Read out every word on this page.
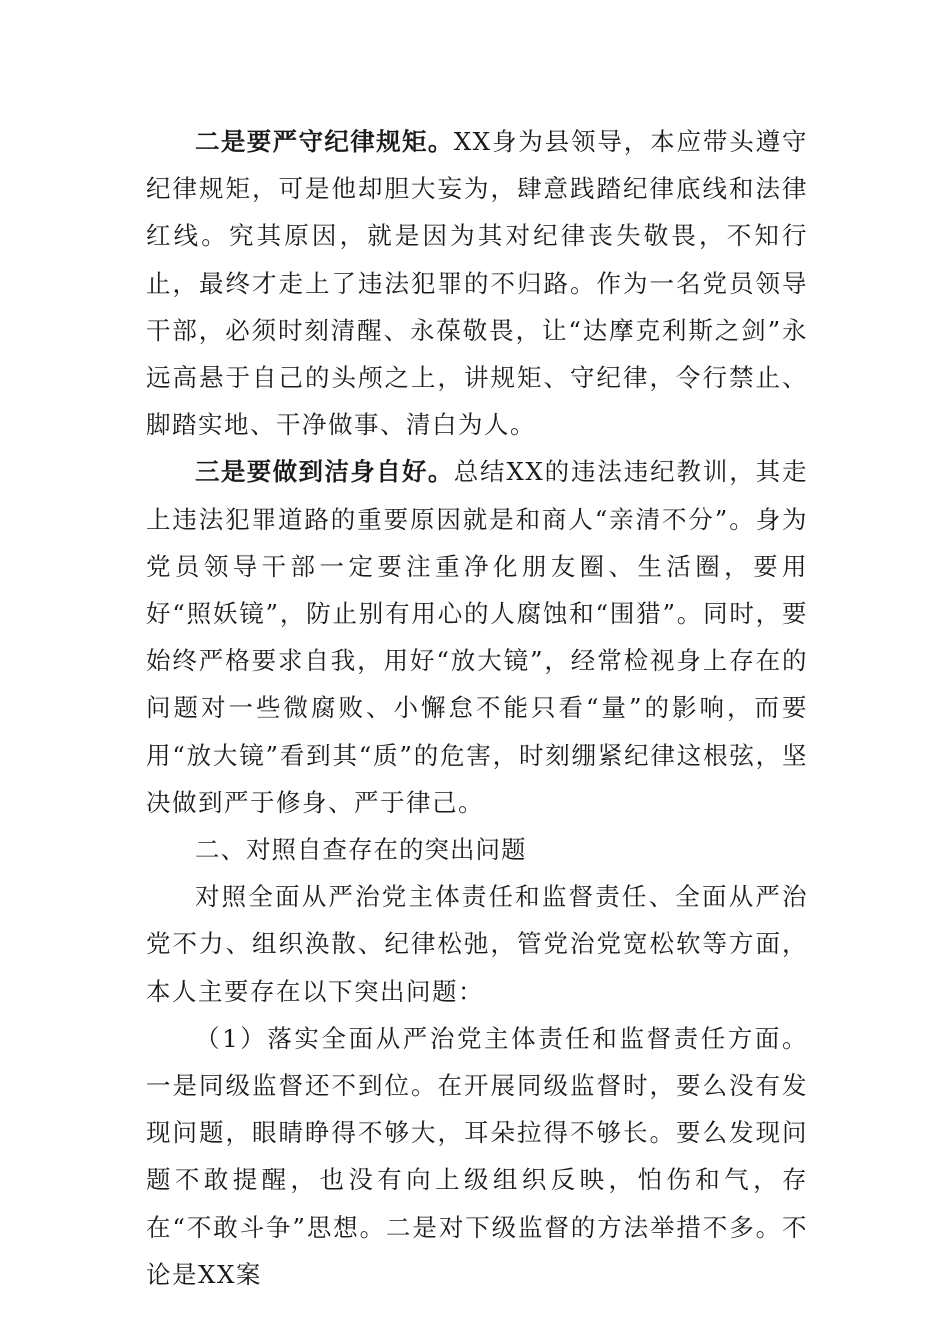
二是要严守纪律规矩。XX身为县领导，本应带头遵守纪律规矩，可是他却胆大妄为，肆意践踏纪律底线和法律红线。究其原因，就是因为其对纪律丧失敬畏，不知行止，最终才走上了违法犯罪的不归路。作为一名党员领导干部，必须时刻清醒、永葆敬畏，让“达摩克利斯之剑”永远高悬于自己的头颅之上，讲规矩、守纪律，令行禁止、脚踏实地、干净做事、清白为人。

三是要做到洁身自好。总结XX的违法违纪教训，其走上违法犯罪道路的重要原因就是和商人“亲清不分”。身为党员领导干部一定要注重净化朋友圈、生活圈，要用好“照妖镜”，防止别有用心的人腐蚀和“围猎”。同时，要始终严格要求自我，用好“放大镜”，经常检视身上存在的问题对一些微腐败、小懈怠不能只看“量”的影响，而要用“放大镜”看到其“质”的危害，时刻绷紧纪律这根弦，坚决做到严于修身、严于律己。

二、对照自查存在的突出问题

对照全面从严治党主体责任和监督责任、全面从严治党不力、组织涣散、纪律松弛，管党治党宽松软等方面，本人主要存在以下突出问题：

（1）落实全面从严治党主体责任和监督责任方面。一是同级监督还不到位。在开展同级监督时，要么没有发现问题，眼睛睁得不够大，耳朵拉得不够长。要么发现问题不敢提醒，也没有向上级组织反映，怕伤和气，存在“不敢斗争”思想。二是对下级监督的方法举措不多。不论是XX案
